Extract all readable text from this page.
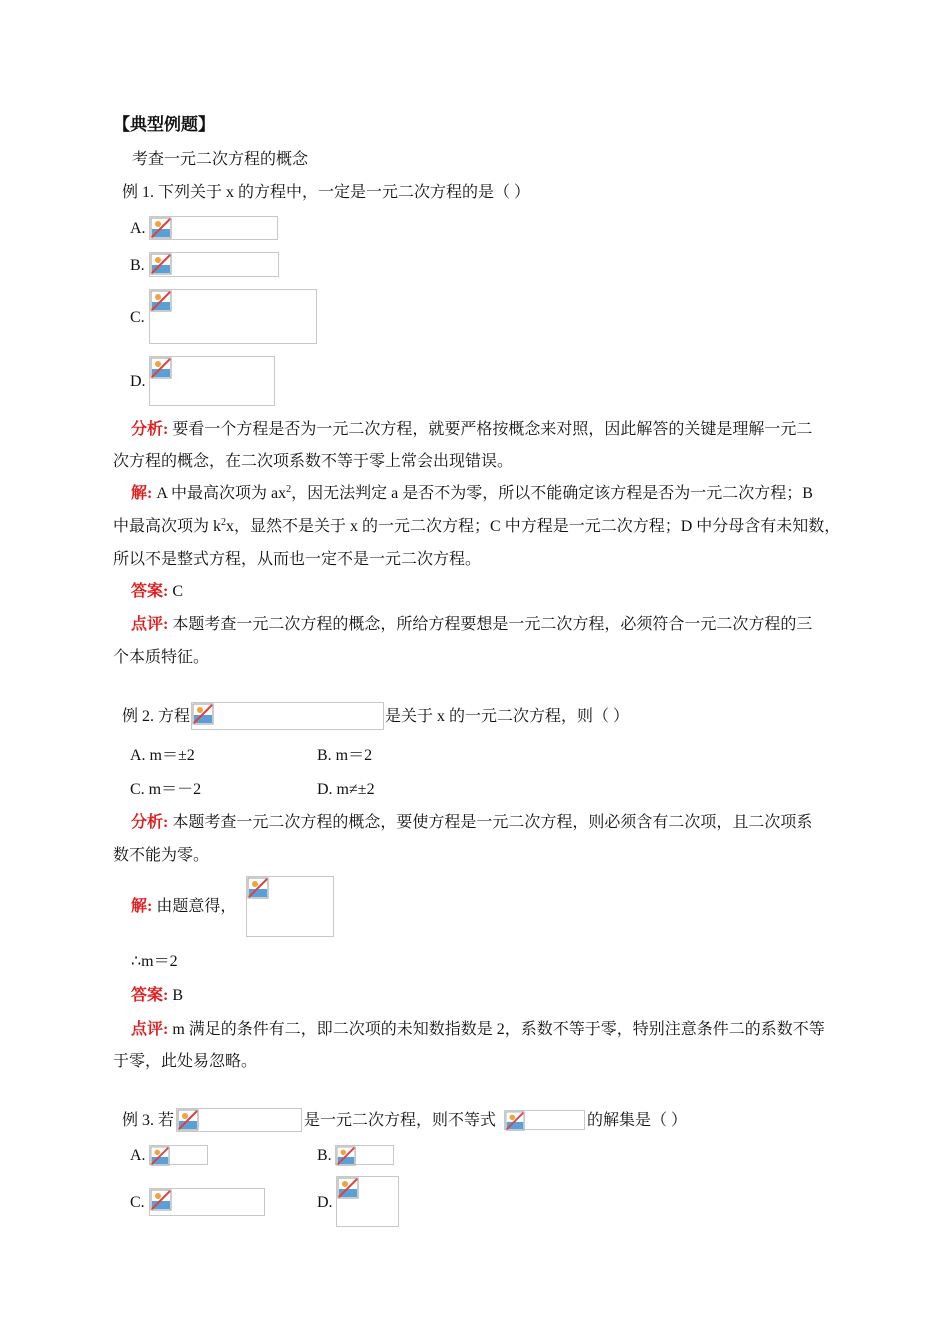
【典型例题】
考查一元二次方程的概念
例 1. 下列关于 x 的方程中，一定是一元二次方程的是（ ）
A.
B.
C.
D.
分析: 要看一个方程是否为一元二次方程，就要严格按概念来对照，因此解答的关键是理解一元二
次方程的概念，在二次项系数不等于零上常会出现错误。
解: A 中最高次项为 $ax^2$，因无法判定 a 是否不为零，所以不能确定该方程是否为一元二次方程；B
中最高次项为 $k^2x$，显然不是关于 x 的一元二次方程；C 中方程是一元二次方程；D 中分母含有未知数，
所以不是整式方程，从而也一定不是一元二次方程。
答案: C
点评: 本题考查一元二次方程的概念，所给方程要想是一元二次方程，必须符合一元二次方程的三
个本质特征。
例 2. 方程	是关于 x 的一元二次方程，则（ ）
A. m＝±2	B. m＝2
C. m＝－2	D. m≠±2
分析: 本题考查一元二次方程的概念，要使方程是一元二次方程，则必须含有二次项，且二次项系
数不能为零。
解: 由题意得，
∴m＝2
答案: B
点评: m 满足的条件有二，即二次项的未知数指数是 2，系数不等于零，特别注意条件二的系数不等
于零，此处易忽略。
例 3. 若	是一元二次方程，则不等式	的解集是（ ）
A.	B.
C.	D.
